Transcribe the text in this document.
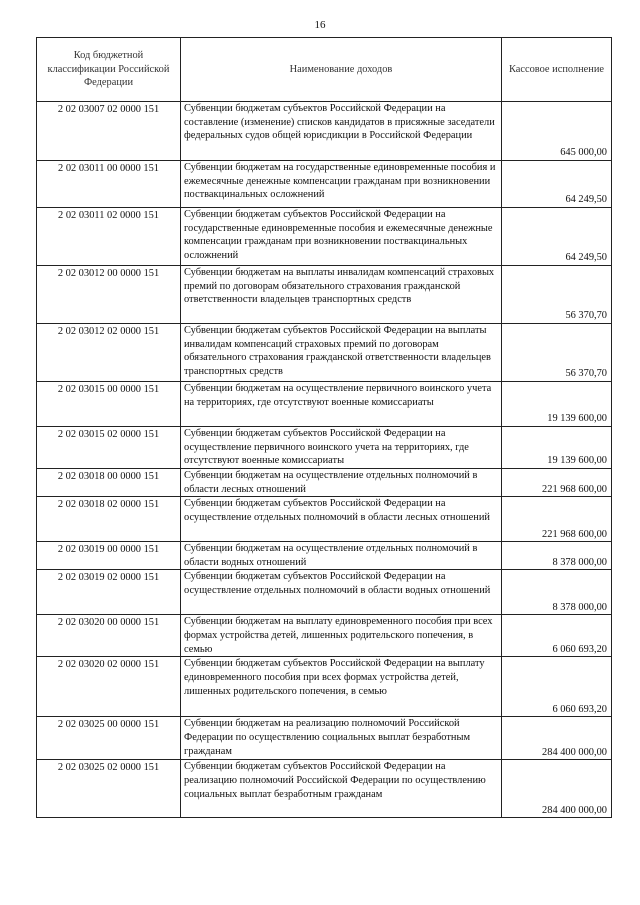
16
Код бюджетной классификации Российской Федерации	Наименование доходов	Кассовое исполнение
2 02 03007 02 0000 151	Субвенции бюджетам субъектов Российской Федерации на составление (изменение) списков кандидатов в присяжные заседатели федеральных судов общей юрисдикции в Российской Федерации	645 000,00
2 02 03011 00 0000 151	Субвенции бюджетам на государственные единовременные пособия и ежемесячные денежные компенсации гражданам при возникновении поствакцинальных осложнений	64 249,50
2 02 03011 02 0000 151	Субвенции бюджетам субъектов Российской Федерации на государственные единовременные пособия и ежемесячные денежные компенсации гражданам при возникновении поствакцинальных осложнений	64 249,50
2 02 03012 00 0000 151	Субвенции бюджетам на выплаты инвалидам компенсаций страховых премий по договорам обязательного страхования гражданской ответственности владельцев транспортных средств	56 370,70
2 02 03012 02 0000 151	Субвенции бюджетам субъектов Российской Федерации на выплаты инвалидам компенсаций страховых премий по договорам обязательного страхования гражданской ответственности владельцев транспортных средств	56 370,70
2 02 03015 00 0000 151	Субвенции бюджетам на осуществление первичного воинского учета на территориях, где отсутствуют военные комиссариаты	19 139 600,00
2 02 03015 02 0000 151	Субвенции бюджетам субъектов Российской Федерации на осуществление первичного воинского учета на территориях, где отсутствуют военные комиссариаты	19 139 600,00
2 02 03018 00 0000 151	Субвенции бюджетам на осуществление отдельных полномочий в области лесных отношений	221 968 600,00
2 02 03018 02 0000 151	Субвенции бюджетам субъектов Российской Федерации на осуществление отдельных полномочий в области лесных отношений	221 968 600,00
2 02 03019 00 0000 151	Субвенции бюджетам на осуществление отдельных полномочий в области водных отношений	8 378 000,00
2 02 03019 02 0000 151	Субвенции бюджетам субъектов Российской Федерации на осуществление отдельных полномочий в области водных отношений	8 378 000,00
2 02 03020 00 0000 151	Субвенции бюджетам на выплату единовременного пособия при всех формах устройства детей, лишенных родительского попечения, в семью	6 060 693,20
2 02 03020 02 0000 151	Субвенции бюджетам субъектов Российской Федерации на выплату единовременного пособия при всех формах устройства детей, лишенных родительского попечения, в семью	6 060 693,20
2 02 03025 00 0000 151	Субвенции бюджетам на реализацию полномочий Российской Федерации по осуществлению социальных выплат безработным гражданам	284 400 000,00
2 02 03025 02 0000 151	Субвенции бюджетам субъектов Российской Федерации на реализацию полномочий Российской Федерации по осуществлению социальных выплат безработным гражданам	284 400 000,00
